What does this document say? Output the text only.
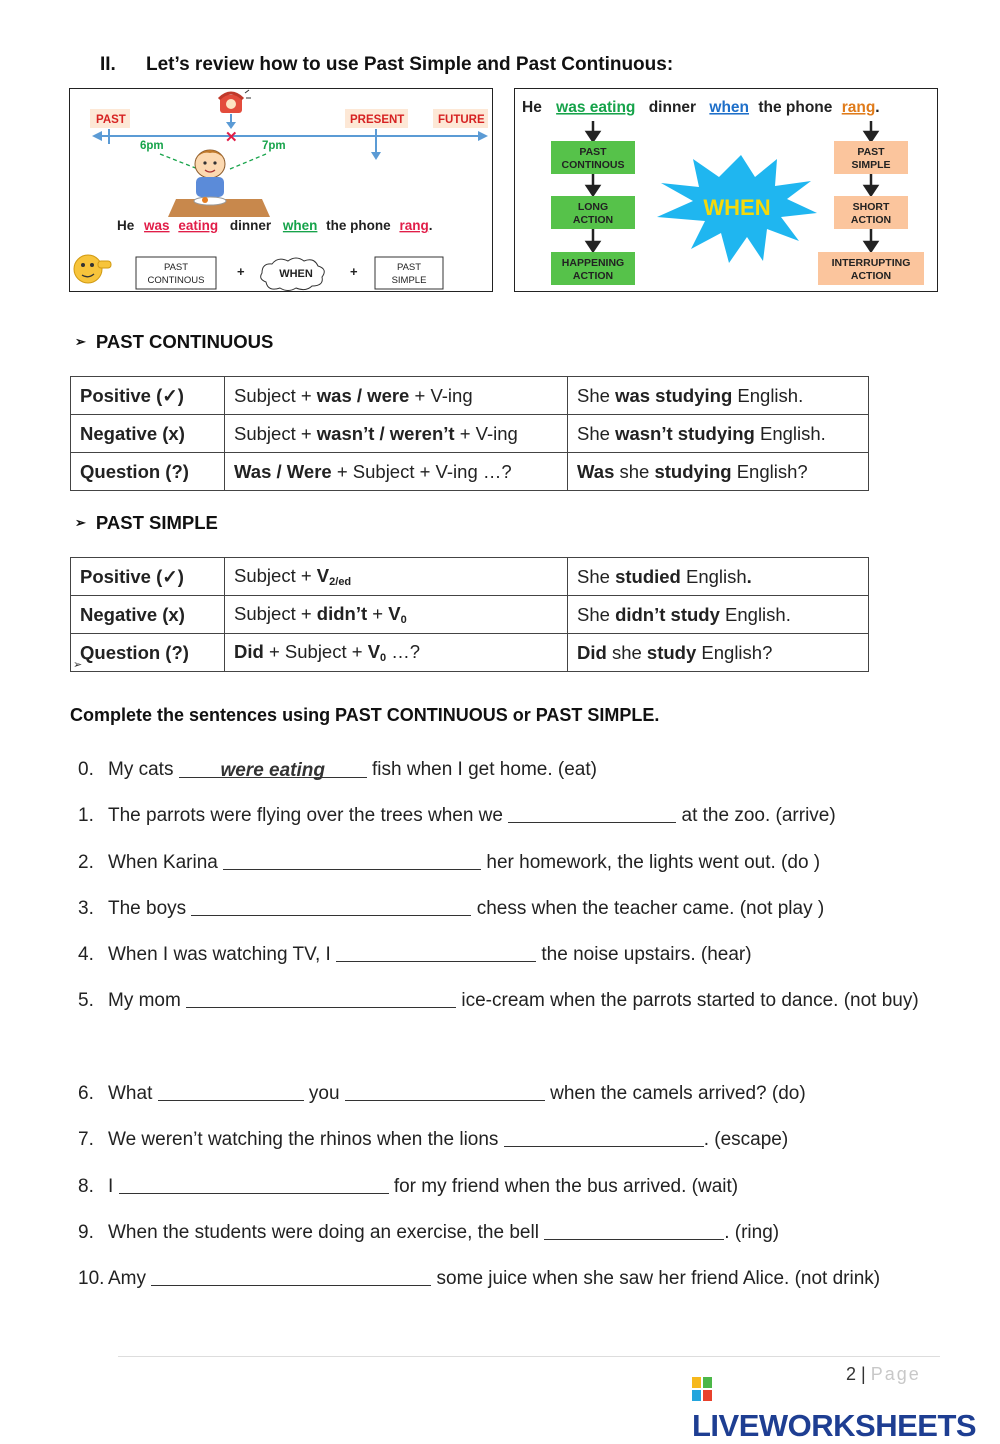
II. Let’s review how to use Past Simple and Past Continuous:
PAST	PRESENT	FUTURE
✕
6pm	7pm
He was eating dinner when the phone rang.
PAST
CONTINOUS
+	WHEN	+	PAST
SIMPLE
He was eating dinner when the phone rang.
PAST
CONTINOUS
LONG
ACTION
HAPPENING
ACTION
PAST
SIMPLE
SHORT
ACTION
INTERRUPTING
ACTION
WHEN
➢ PAST CONTINUOUS
Positive (✓)	Subject + was / were + V-ing	She was studying English.
Negative (x)	Subject + wasn’t / weren’t + V-ing	She wasn’t studying English.
Question (?)	Was / Were + Subject + V-ing …?	Was she studying English?
➢ PAST SIMPLE
Positive (✓)	Subject + $V_{2/ed}$	She studied English.
Negative (x)	Subject + didn’t + $V_0$	She didn’t study English.
Question (?)	Did + Subject + $V_0$ …?	Did she study English?
➢
Complete the sentences using PAST CONTINUOUS or PAST SIMPLE.
0. My cats were eating fish when I get home. (eat)
1. The parrots were flying over the trees when we	at the zoo. (arrive)
2. When Karina	her homework, the lights went out. (do )
3. The boys	chess when the teacher came. (not play )
4. When I was watching TV, I	the noise upstairs. (hear)
5. My mom	ice-cream when the parrots started to dance. (not buy)
6. What	you	when the camels arrived? (do)
7. We weren’t watching the rhinos when the lions	. (escape)
8. I	for my friend when the bus arrived. (wait)
9. When the students were doing an exercise, the bell	. (ring)
10. Amy	some juice when she saw her friend Alice. (not drink)
2 | Page
LIVEWORKSHEETS
